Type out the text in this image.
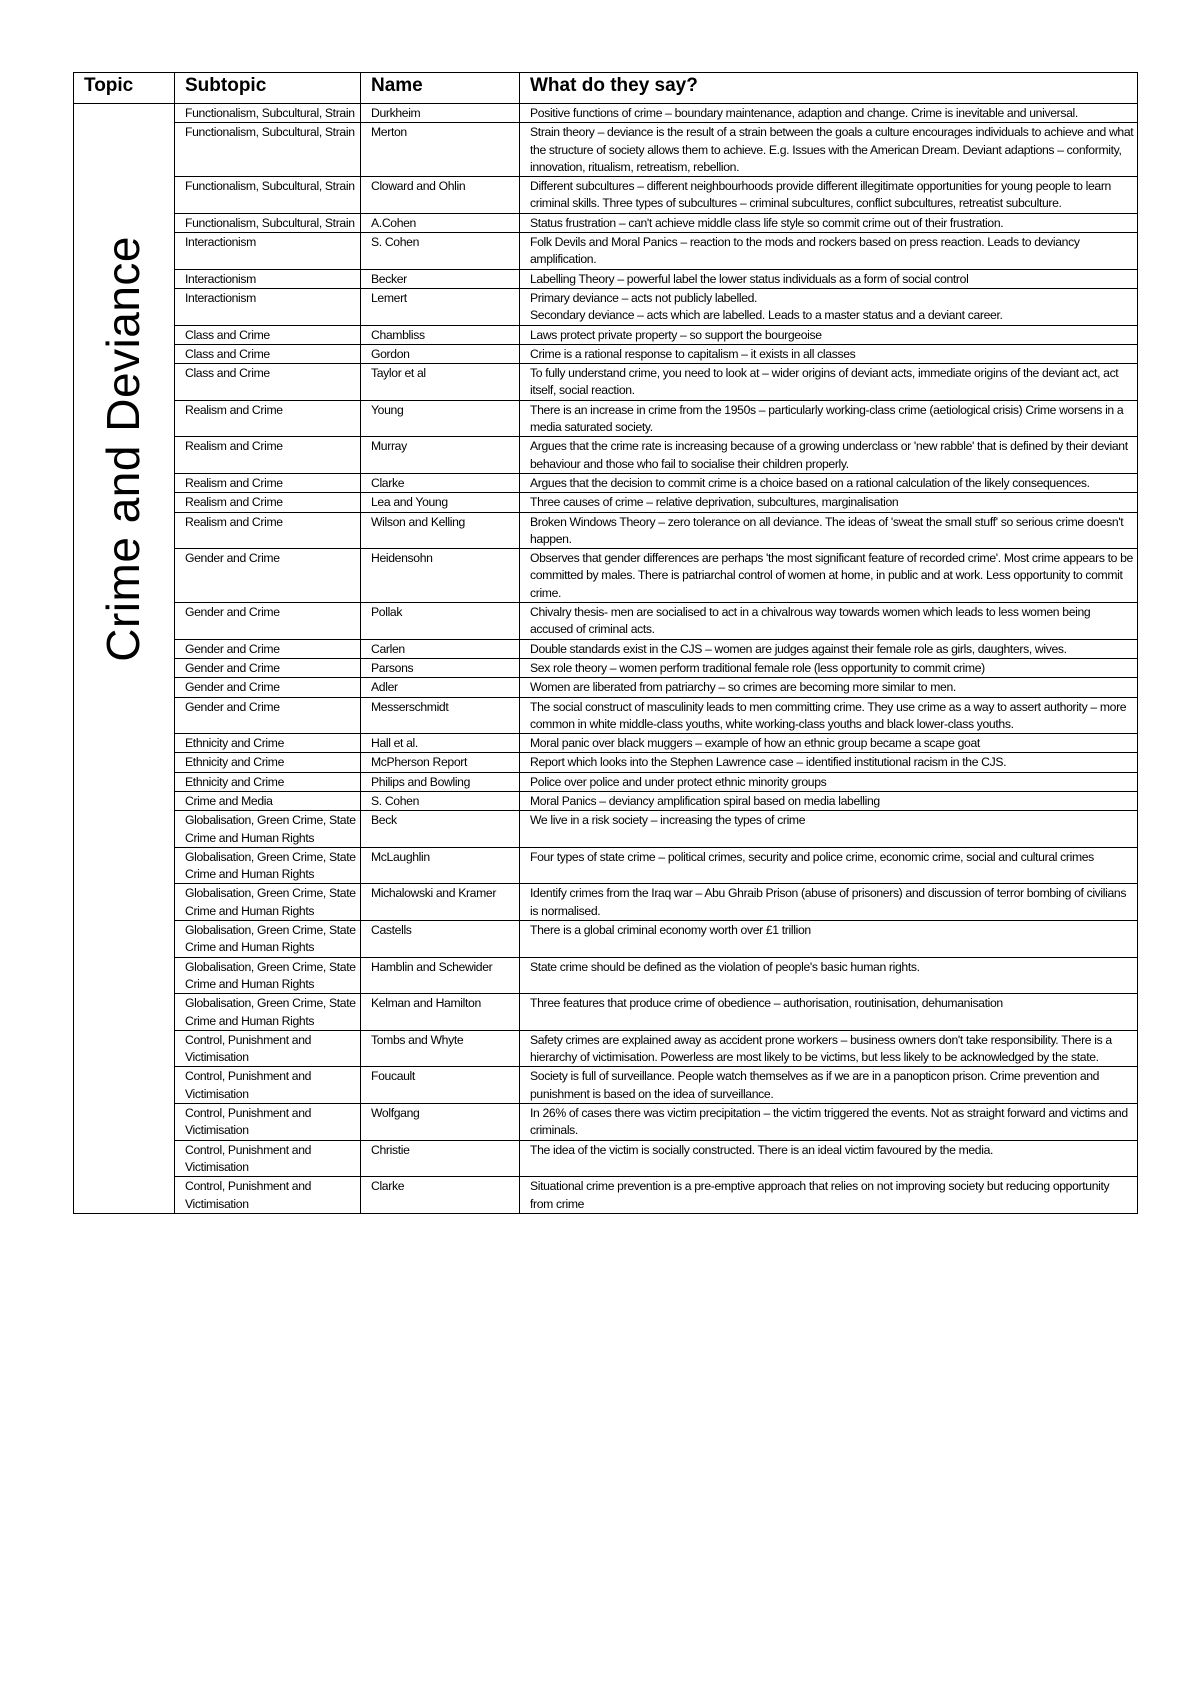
Topic	Subtopic	Name	What do they say?
Crime and Deviance	Functionalism, Subcultural, Strain	Durkheim	Positive functions of crime – boundary maintenance, adaption and change. Crime is inevitable and universal.
	Functionalism, Subcultural, Strain	Merton	Strain theory – deviance is the result of a strain between the goals a culture encourages individuals to achieve and what the structure of society allows them to achieve. E.g. Issues with the American Dream. Deviant adaptions – conformity, innovation, ritualism, retreatism, rebellion.
	Functionalism, Subcultural, Strain	Cloward and Ohlin	Different subcultures – different neighbourhoods provide different illegitimate opportunities for young people to learn criminal skills. Three types of subcultures – criminal subcultures, conflict subcultures, retreatist subculture.
	Functionalism, Subcultural, Strain	A.Cohen	Status frustration – can't achieve middle class life style so commit crime out of their frustration.
	Interactionism	S. Cohen	Folk Devils and Moral Panics – reaction to the mods and rockers based on press reaction. Leads to deviancy amplification.
	Interactionism	Becker	Labelling Theory – powerful label the lower status individuals as a form of social control
	Interactionism	Lemert	Primary deviance – acts not publicly labelled.
Secondary deviance – acts which are labelled. Leads to a master status and a deviant career.
	Class and Crime	Chambliss	Laws protect private property – so support the bourgeoise
	Class and Crime	Gordon	Crime is a rational response to capitalism – it exists in all classes
	Class and Crime	Taylor et al	To fully understand crime, you need to look at – wider origins of deviant acts, immediate origins of the deviant act, act itself, social reaction.
	Realism and Crime	Young	There is an increase in crime from the 1950s – particularly working-class crime (aetiological crisis) Crime worsens in a media saturated society.
	Realism and Crime	Murray	Argues that the crime rate is increasing because of a growing underclass or 'new rabble' that is defined by their deviant behaviour and those who fail to socialise their children properly.
	Realism and Crime	Clarke	Argues that the decision to commit crime is a choice based on a rational calculation of the likely consequences.
	Realism and Crime	Lea and Young	Three causes of crime – relative deprivation, subcultures, marginalisation
	Realism and Crime	Wilson and Kelling	Broken Windows Theory – zero tolerance on all deviance. The ideas of 'sweat the small stuff' so serious crime doesn't happen.
	Gender and Crime	Heidensohn	Observes that gender differences are perhaps 'the most significant feature of recorded crime'. Most crime appears to be committed by males. There is patriarchal control of women at home, in public and at work. Less opportunity to commit crime.
	Gender and Crime	Pollak	Chivalry thesis- men are socialised to act in a chivalrous way towards women which leads to less women being accused of criminal acts.
	Gender and Crime	Carlen	Double standards exist in the CJS – women are judges against their female role as girls, daughters, wives.
	Gender and Crime	Parsons	Sex role theory – women perform traditional female role (less opportunity to commit crime)
	Gender and Crime	Adler	Women are liberated from patriarchy – so crimes are becoming more similar to men.
	Gender and Crime	Messerschmidt	The social construct of masculinity leads to men committing crime. They use crime as a way to assert authority – more common in white middle-class youths, white working-class youths and black lower-class youths.
	Ethnicity and Crime	Hall et al.	Moral panic over black muggers – example of how an ethnic group became a scape goat
	Ethnicity and Crime	McPherson Report	Report which looks into the Stephen Lawrence case – identified institutional racism in the CJS.
	Ethnicity and Crime	Philips and Bowling	Police over police and under protect ethnic minority groups
	Crime and Media	S. Cohen	Moral Panics – deviancy amplification spiral based on media labelling
	Globalisation, Green Crime, State Crime and Human Rights	Beck	We live in a risk society – increasing the types of crime
	Globalisation, Green Crime, State Crime and Human Rights	McLaughlin	Four types of state crime – political crimes, security and police crime, economic crime, social and cultural crimes
	Globalisation, Green Crime, State Crime and Human Rights	Michalowski and Kramer	Identify crimes from the Iraq war – Abu Ghraib Prison (abuse of prisoners) and discussion of terror bombing of civilians is normalised.
	Globalisation, Green Crime, State Crime and Human Rights	Castells	There is a global criminal economy worth over £1 trillion
	Globalisation, Green Crime, State Crime and Human Rights	Hamblin and Schewider	State crime should be defined as the violation of people's basic human rights.
	Globalisation, Green Crime, State Crime and Human Rights	Kelman and Hamilton	Three features that produce crime of obedience – authorisation, routinisation, dehumanisation
	Control, Punishment and Victimisation	Tombs and Whyte	Safety crimes are explained away as accident prone workers – business owners don't take responsibility. There is a hierarchy of victimisation. Powerless are most likely to be victims, but less likely to be acknowledged by the state.
	Control, Punishment and Victimisation	Foucault	Society is full of surveillance. People watch themselves as if we are in a panopticon prison. Crime prevention and punishment is based on the idea of surveillance.
	Control, Punishment and Victimisation	Wolfgang	In 26% of cases there was victim precipitation – the victim triggered the events. Not as straight forward and victims and criminals.
	Control, Punishment and Victimisation	Christie	The idea of the victim is socially constructed. There is an ideal victim favoured by the media.
	Control, Punishment and Victimisation	Clarke	Situational crime prevention is a pre-emptive approach that relies on not improving society but reducing opportunity from crime
